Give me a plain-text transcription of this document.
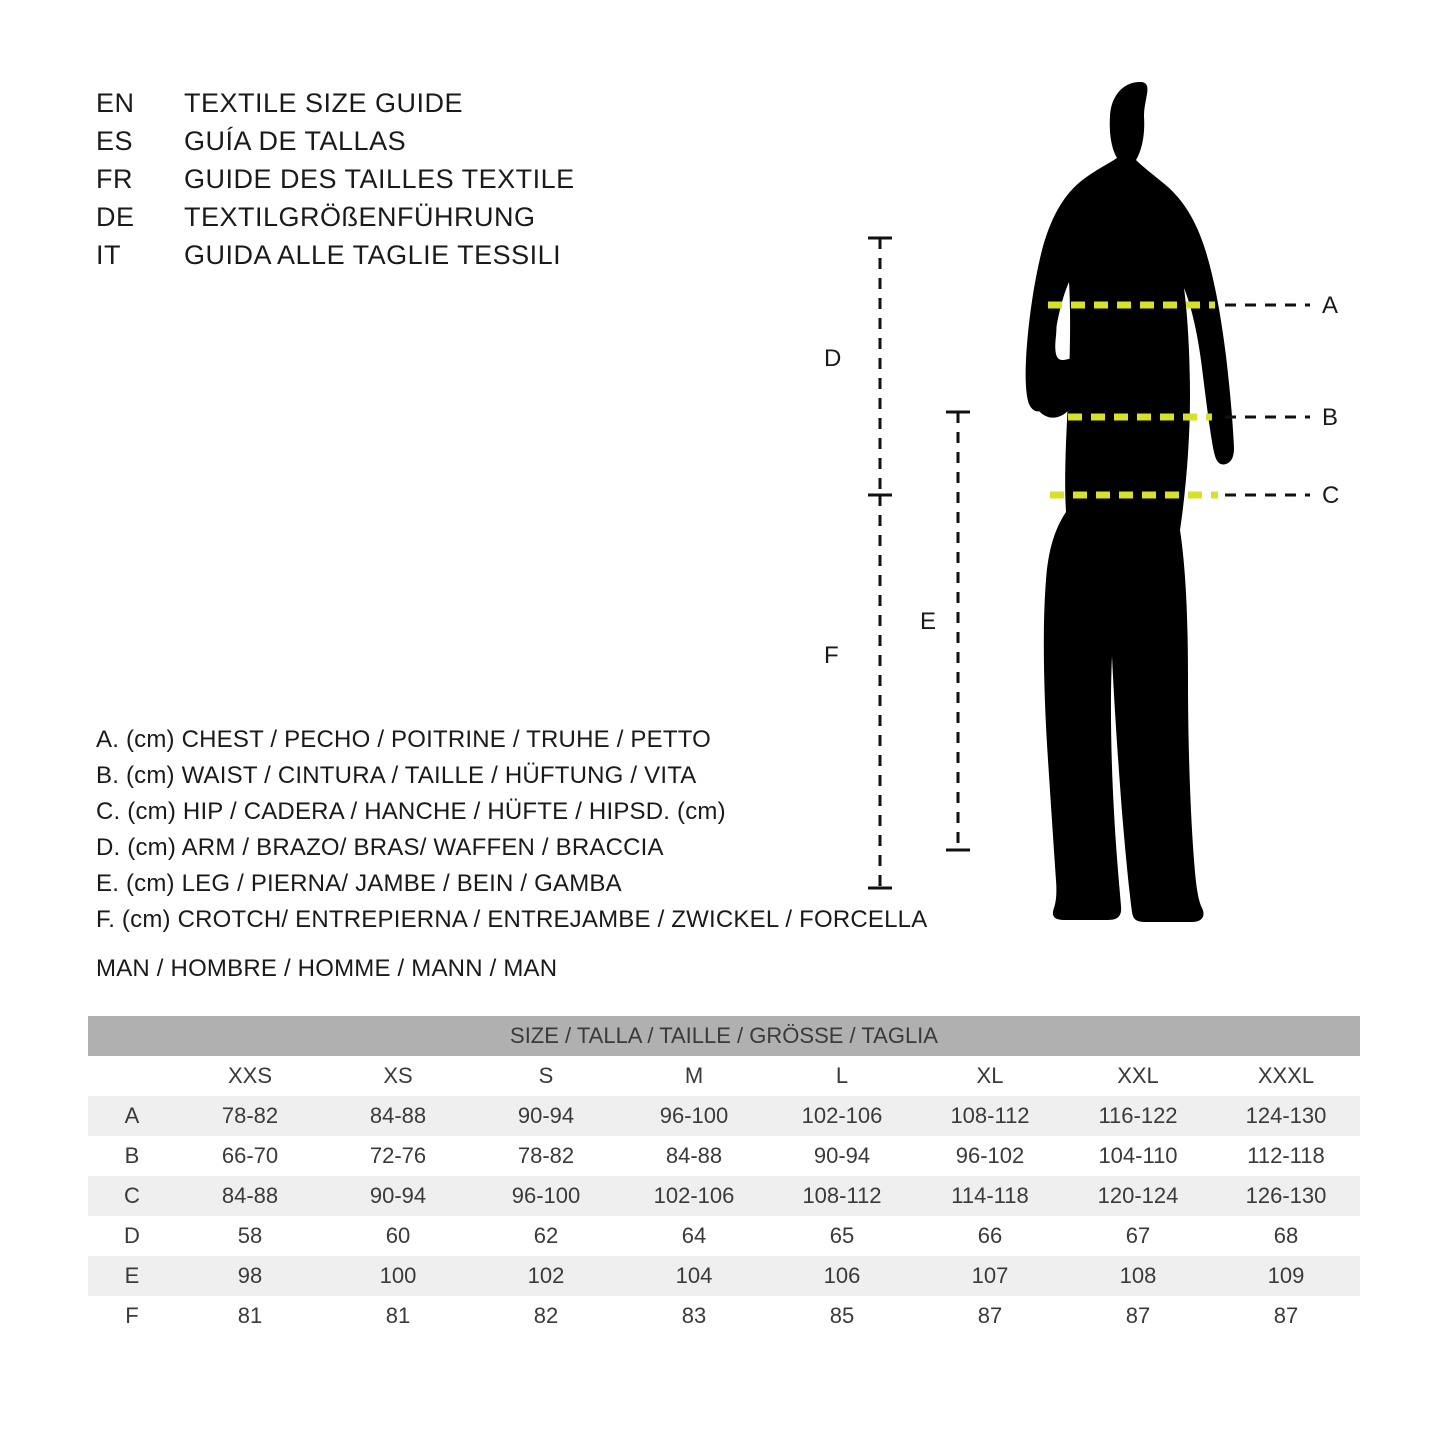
EN	TEXTILE SIZE GUIDE
ES	GUÍA DE TALLAS
FR	GUIDE DES TAILLES TEXTILE
DE	TEXTILGRÖßENFÜHRUNG
IT	GUIDA ALLE TAGLIE TESSILI
A. (cm) CHEST / PECHO / POITRINE / TRUHE / PETTO
B. (cm) WAIST / CINTURA / TAILLE / HÜFTUNG / VITA
C. (cm) HIP / CADERA / HANCHE / HÜFTE / HIPSD. (cm)
D. (cm) ARM / BRAZO/ BRAS/ WAFFEN / BRACCIA
E. (cm) LEG / PIERNA/ JAMBE / BEIN / GAMBA
F. (cm) CROTCH/ ENTREPIERNA / ENTREJAMBE / ZWICKEL / FORCELLA
MAN / HOMBRE / HOMME / MANN / MAN
A
B
C
D
E
F
SIZE / TALLA / TAILLE / GRÖSSE / TAGLIA								
	XXS	XS	S	M	L	XL	XXL	XXXL
A	78-82	84-88	90-94	96-100	102-106	108-112	116-122	124-130
B	66-70	72-76	78-82	84-88	90-94	96-102	104-110	112-118
C	84-88	90-94	96-100	102-106	108-112	114-118	120-124	126-130
D	58	60	62	64	65	66	67	68
E	98	100	102	104	106	107	108	109
F	81	81	82	83	85	87	87	87
